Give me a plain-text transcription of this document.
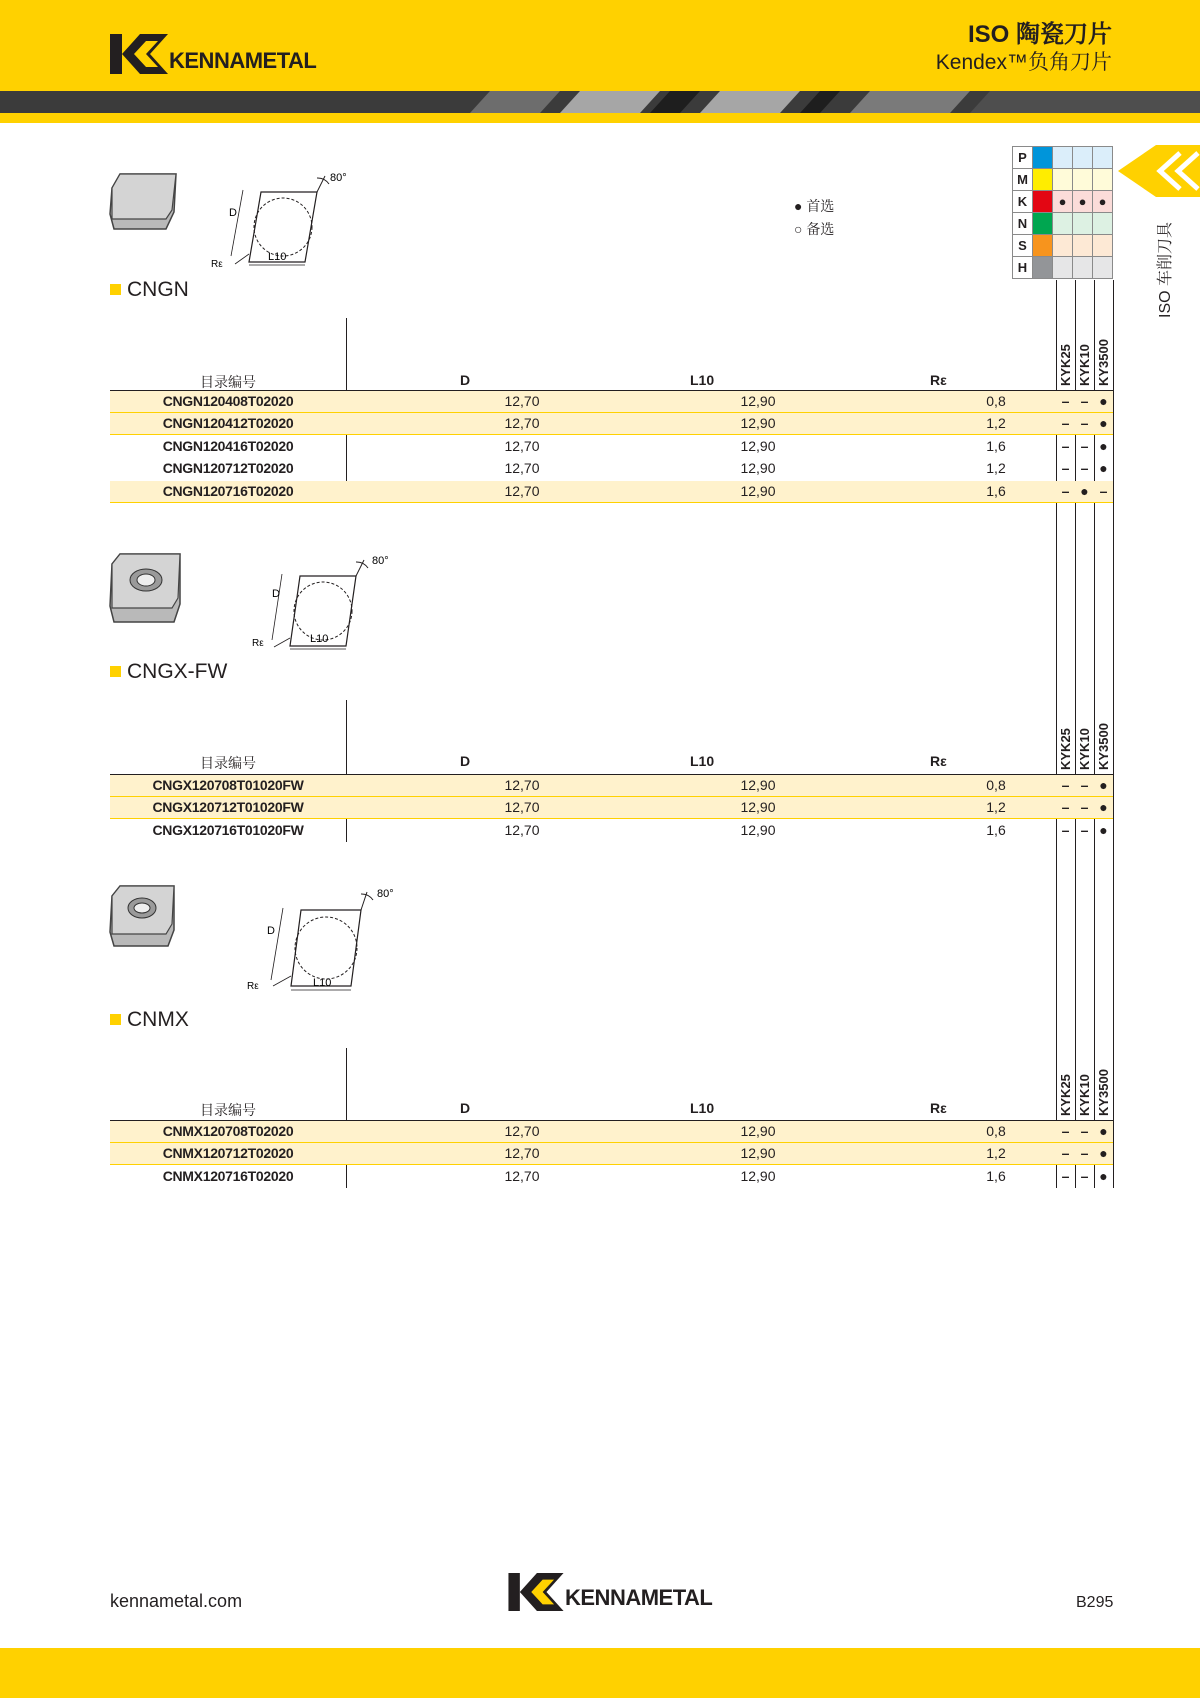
KENNAMETAL
ISO 陶瓷刀片
Kendex™负角刀片
ISO 车削刀具
P				
M				
K		●	●	●
N				
S				
H				
● 首选
○ 备选
80°
D
L10
Rε
80°
D
L10
Rε
80°
D
L10
Rε
CNGN
目录编号	D	L10	Rε	KYK25 KYK10 KY3500
CNGN120408T02020	12,70	12,90	0,8	– – ●
CNGN120412T02020	12,70	12,90	1,2	– – ●
CNGN120416T02020	12,70	12,90	1,6	– – ●
CNGN120712T02020	12,70	12,90	1,2	– – ●
CNGN120716T02020	12,70	12,90	1,6	– ● –
CNGX-FW
目录编号	D	L10	Rε	KYK25 KYK10 KY3500
CNGX120708T01020FW	12,70	12,90	0,8	– – ●
CNGX120712T01020FW	12,70	12,90	1,2	– – ●
CNGX120716T01020FW	12,70	12,90	1,6	– – ●
CNMX
目录编号	D	L10	Rε	KYK25 KYK10 KY3500
CNMX120708T02020	12,70	12,90	0,8	– – ●
CNMX120712T02020	12,70	12,90	1,2	– – ●
CNMX120716T02020	12,70	12,90	1,6	– – ●
kennametal.com	KENNAMETAL	B295
